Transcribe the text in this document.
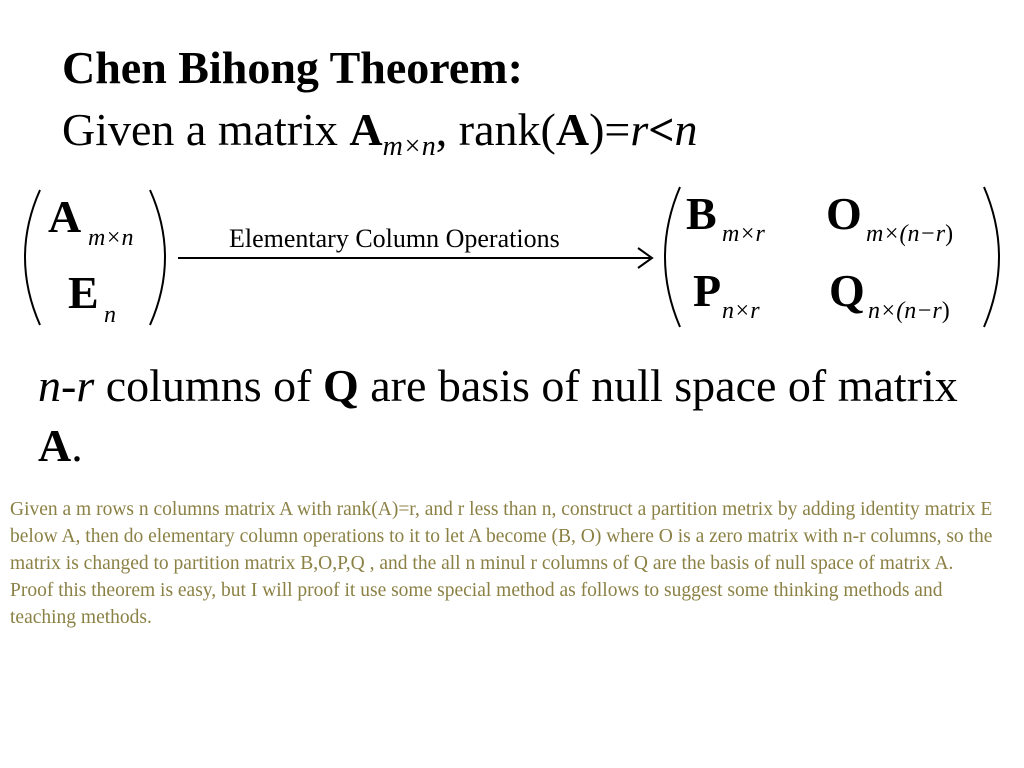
Chen Bihong Theorem:
Given a matrix $A_{m\times n}$, rank(A)=r<n
A m×n
E n
B m×r O m×(n−r)
P n×r Q n×(n−r)
Elementary Column Operations
n-r columns of Q are basis of null space of matrix A.

Given a m rows n columns matrix A with rank(A)=r, and r less than n, construct a partition metrix by adding identity matrix E below A, then do elementary column operations to it to let A become (B, O) where O is a zero matrix with n-r columns, so the matrix is changed to partition matrix B,O,P,Q , and the all n minul r columns of Q are the basis of null space of matrix A.

Proof this theorem is easy, but I will proof it use some special method as follows to suggest some thinking methods and teaching methods.
